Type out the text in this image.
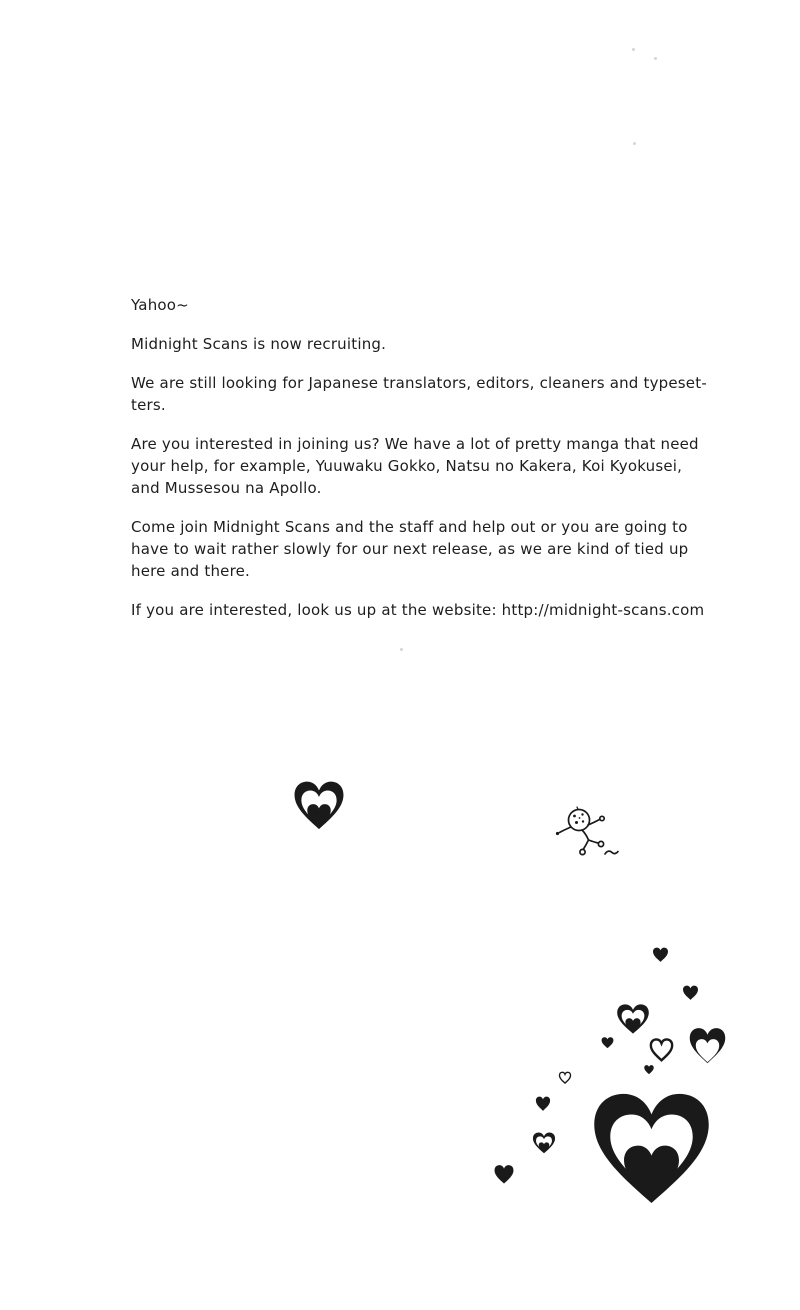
Yahoo~
Midnight Scans is now recruiting.
We are still looking for Japanese translators, editors, cleaners and typeset-
ters.
Are you interested in joining us? We have a lot of pretty manga that need
your help, for example, Yuuwaku Gokko, Natsu no Kakera, Koi Kyokusei,
and Mussesou na Apollo.
Come join Midnight Scans and the staff and help out or you are going to
have to wait rather slowly for our next release, as we are kind of tied up
here and there.
If you are interested, look us up at the website: http://midnight-scans.com
